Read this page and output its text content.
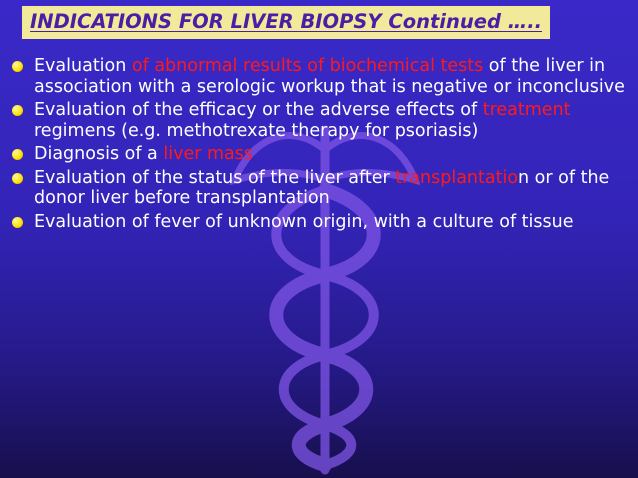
INDICATIONS FOR LIVER BIOPSY Continued …..
Evaluation of abnormal results of biochemical tests of the liver in association with a serologic workup that is negative or inconclusive
Evaluation of the efficacy or the adverse effects of treatment regimens (e.g. methotrexate therapy for psoriasis)
Diagnosis of a liver mass
Evaluation of the status of the liver after transplantation or of the donor liver before transplantation
Evaluation of fever of unknown origin, with a culture of tissue
